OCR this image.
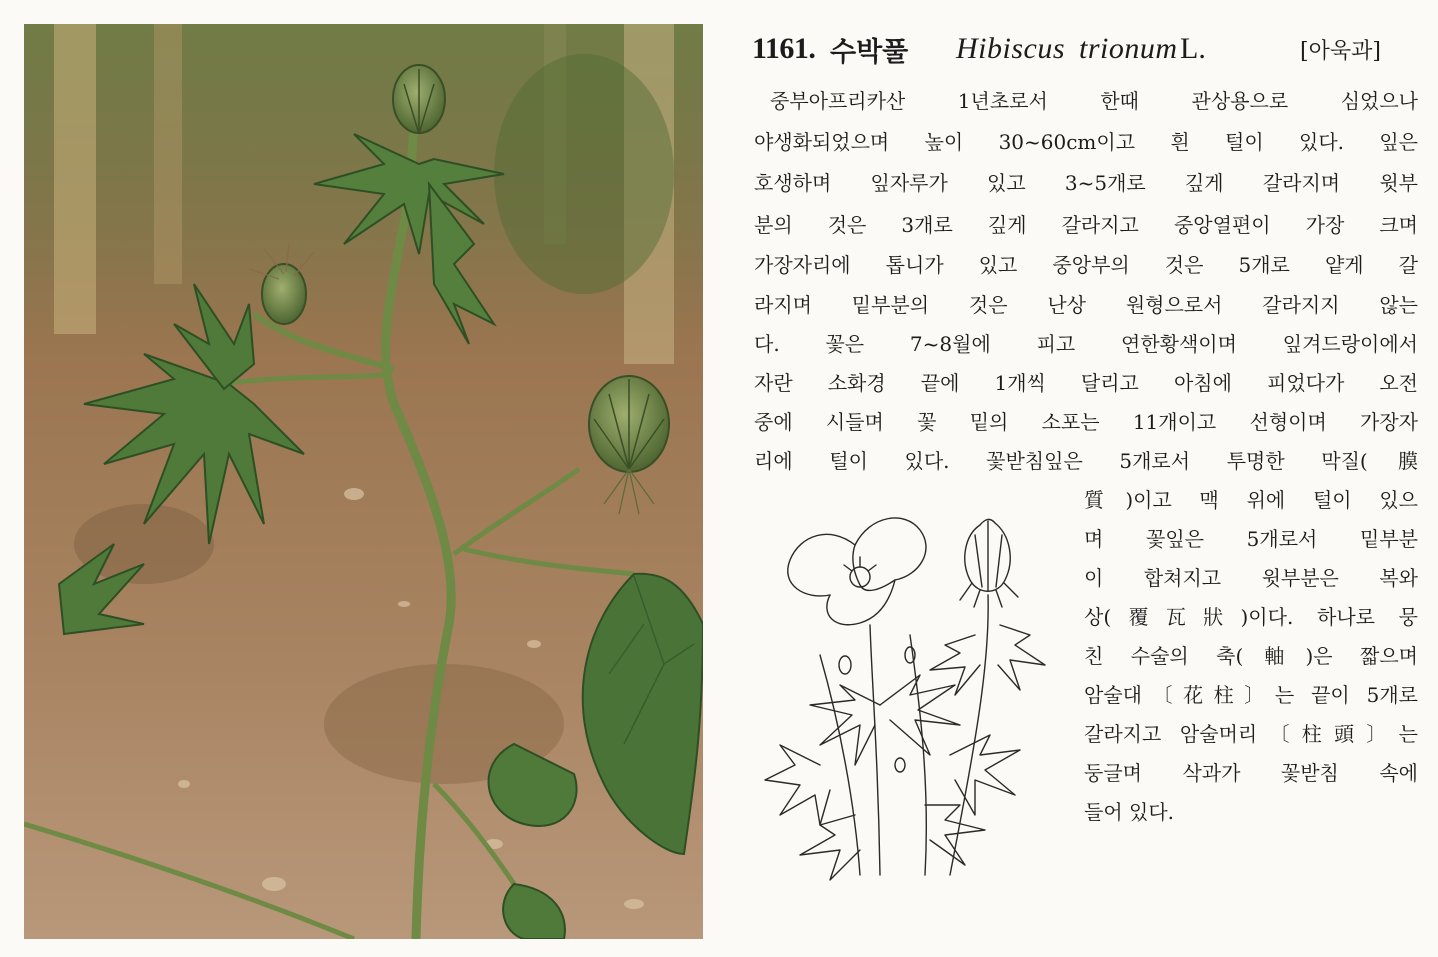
1161. 수박풀 Hibiscus trionum L.	[아욱과]
중부아프리카산 1년초로서 한때 관상용으로 심었으나
야생화되었으며 높이 30~60cm이고 흰 털이 있다. 잎은
호생하며 잎자루가 있고 3~5개로 깊게 갈라지며 윗부
분의 것은 3개로 깊게 갈라지고 중앙열편이 가장 크며
가장자리에 톱니가 있고 중앙부의 것은 5개로 얕게 갈
라지며 밑부분의 것은 난상 원형으로서 갈라지지 않는
다. 꽃은 7~8월에 피고 연한황색이며 잎겨드랑이에서
자란 소화경 끝에 1개씩 달리고 아침에 피었다가 오전
중에 시들며 꽃 밑의 소포는 11개이고 선형이며 가장자
리에 털이 있다. 꽃받침잎은 5개로서 투명한 막질(膜
質)이고 맥 위에 털이 있으
며 꽃잎은 5개로서 밑부분
이 합쳐지고 윗부분은 복와
상(覆瓦狀)이다. 하나로 뭉
친 수술의 축(軸)은 짧으며
암술대〔花柱〕는 끝이 5개로
갈라지고 암술머리〔柱頭〕는
둥글며 삭과가 꽃받침 속에
들어 있다.
